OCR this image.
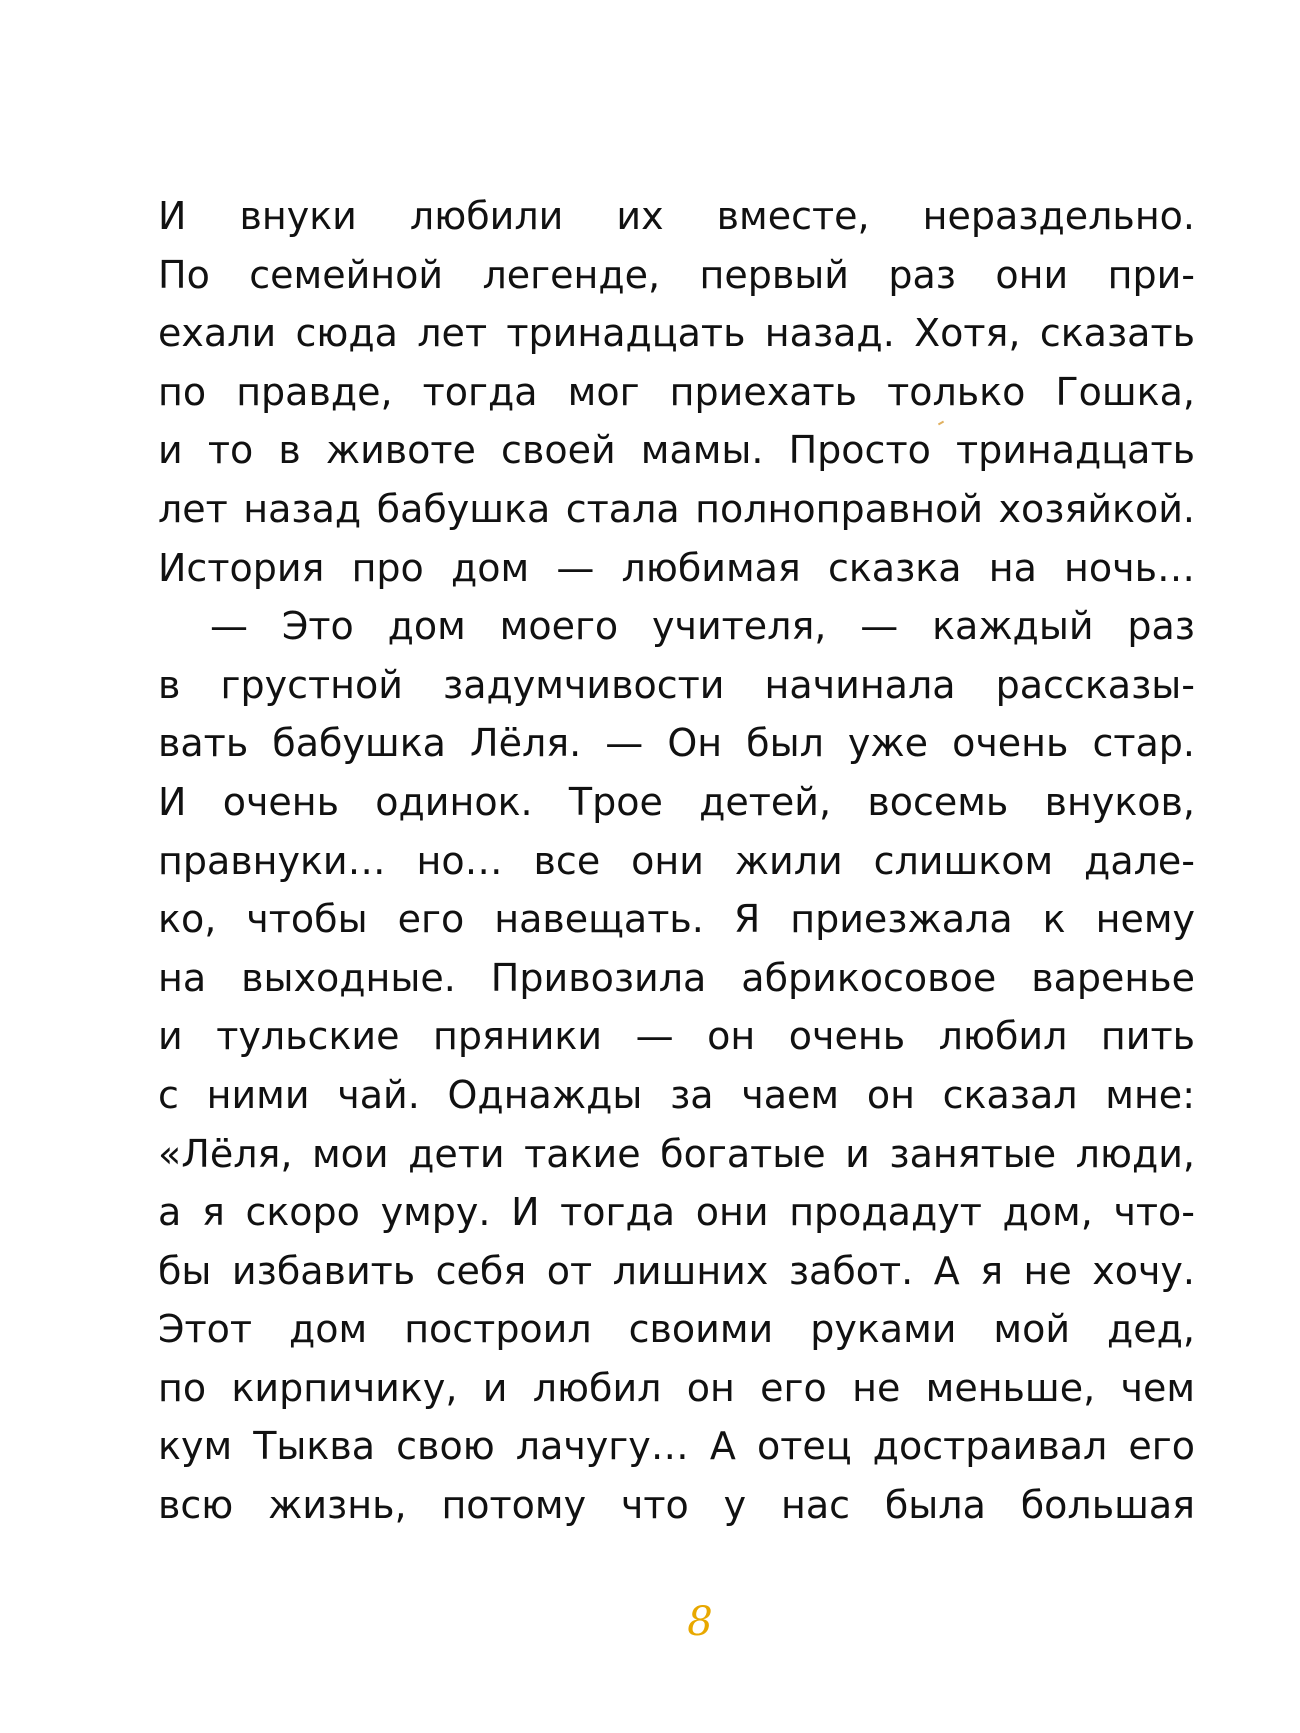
И внуки любили их вместе, нераздельно.
По семейной легенде, первый раз они при-
ехали сюда лет тринадцать назад. Хотя, сказать
по правде, тогда мог приехать только Гошка,
и то в животе своей мамы. Просто тринадцать
лет назад бабушка стала полноправной хозяйкой.
История про дом — любимая сказка на ночь…
— Это дом моего учителя, — каждый раз
в грустной задумчивости начинала рассказы-
вать бабушка Лёля. — Он был уже очень стар.
И очень одинок. Трое детей, восемь внуков,
правнуки… но… все они жили слишком дале-
ко, чтобы его навещать. Я приезжала к нему
на выходные. Привозила абрикосовое варенье
и тульские пряники — он очень любил пить
с ними чай. Однажды за чаем он сказал мне:
«Лёля, мои дети такие богатые и занятые люди,
а я скоро умру. И тогда они продадут дом, что-
бы избавить себя от лишних забот. А я не хочу.
Этот дом построил своими руками мой дед,
по кирпичику, и любил он его не меньше, чем
кум Тыква свою лачугу… А отец достраивал его
всю жизнь, потому что у нас была большая
8
